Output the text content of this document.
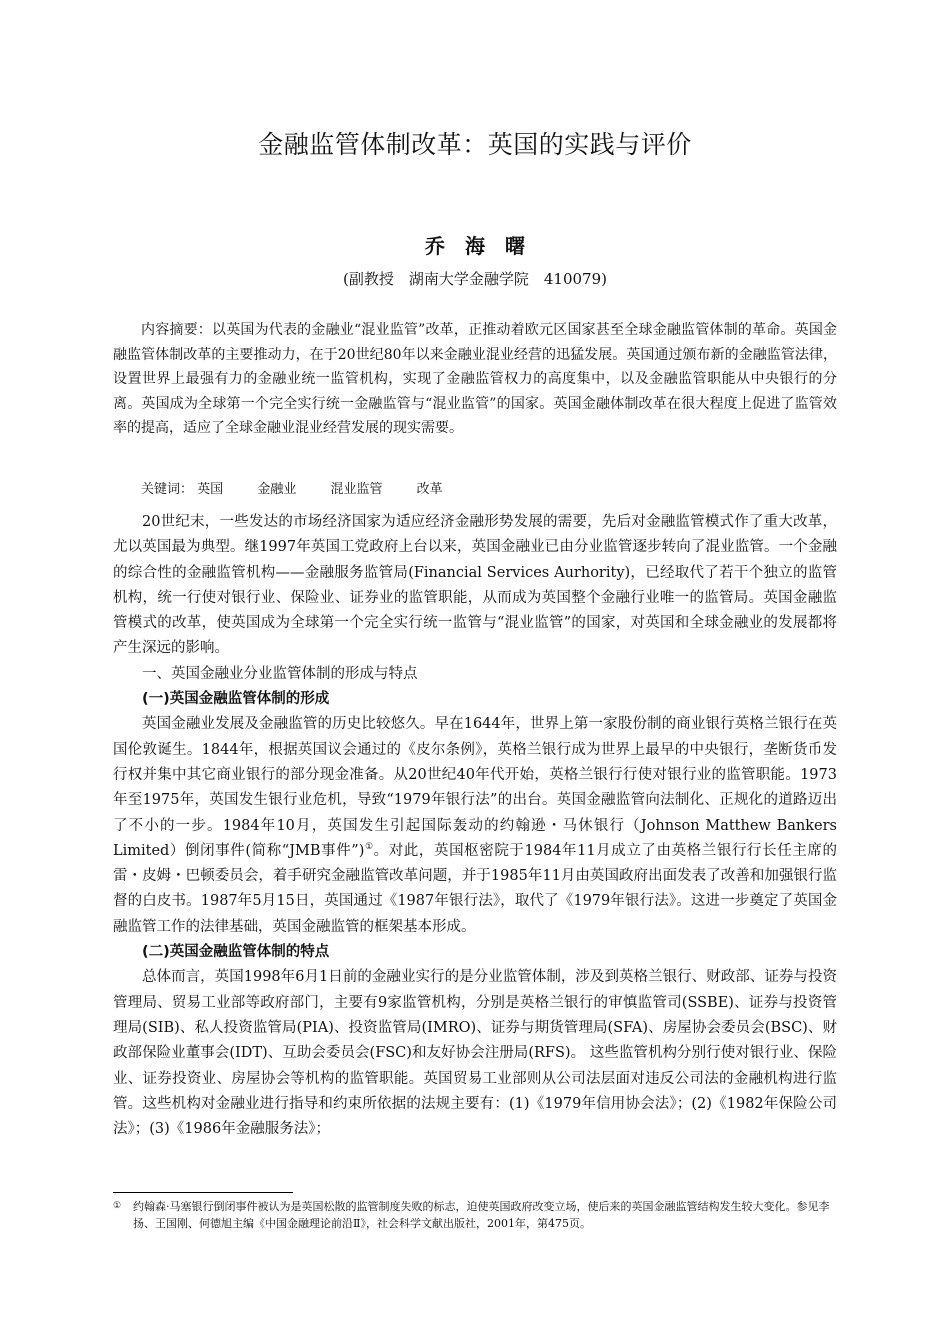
金融监管体制改革：英国的实践与评价
乔海曙
(副教授　湖南大学金融学院　410079)
内容摘要：以英国为代表的金融业“混业监管”改革，正推动着欧元区国家甚至全球金融监管体制的革命。英国金融监管体制改革的主要推动力，在于20世纪80年以来金融业混业经营的迅猛发展。英国通过颁布新的金融监管法律，设置世界上最强有力的金融业统一监管机构，实现了金融监管权力的高度集中，以及金融监管职能从中央银行的分离。英国成为全球第一个完全实行统一金融监管与“混业监管”的国家。英国金融体制改革在很大程度上促进了监管效率的提高，适应了全球金融业混业经营发展的现实需要。
关键词： 英国	金融业	混业监管	改革

20世纪末，一些发达的市场经济国家为适应经济金融形势发展的需要，先后对金融监管模式作了重大改革，尤以英国最为典型。继1997年英国工党政府上台以来，英国金融业已由分业监管逐步转向了混业监管。一个金融的综合性的金融监管机构——金融服务监管局(Financial Services Aurhority)，已经取代了若干个独立的监管机构，统一行使对银行业、保险业、证券业的监管职能，从而成为英国整个金融行业唯一的监管局。英国金融监管模式的改革，使英国成为全球第一个完全实行统一监管与“混业监管”的国家，对英国和全球金融业的发展都将产生深远的影响。

一、英国金融业分业监管体制的形成与特点

(一)英国金融监管体制的形成

英国金融业发展及金融监管的历史比较悠久。早在1644年，世界上第一家股份制的商业银行英格兰银行在英国伦敦诞生。1844年，根据英国议会通过的《皮尔条例》，英格兰银行成为世界上最早的中央银行，垄断货币发行权并集中其它商业银行的部分现金准备。从20世纪40年代开始，英格兰银行行使对银行业的监管职能。1973年至1975年，英国发生银行业危机，导致“1979年银行法”的出台。英国金融监管向法制化、正规化的道路迈出了不小的一步。1984年10月，英国发生引起国际轰动的约翰逊・马休银行（Johnson Matthew Bankers Limited）倒闭事件(简称“JMB事件”)①。对此，英国枢密院于1984年11月成立了由英格兰银行行长任主席的雷・皮姆・巴顿委员会，着手研究金融监管改革问题，并于1985年11月由英国政府出面发表了改善和加强银行监督的白皮书。1987年5月15日，英国通过《1987年银行法》，取代了《1979年银行法》。这进一步奠定了英国金融监管工作的法律基础，英国金融监管的框架基本形成。

(二)英国金融监管体制的特点

总体而言，英国1998年6月1日前的金融业实行的是分业监管体制，涉及到英格兰银行、财政部、证券与投资管理局、贸易工业部等政府部门，主要有9家监管机构，分别是英格兰银行的审慎监管司(SSBE)、证券与投资管理局(SIB)、私人投资监管局(PIA)、投资监管局(IMRO)、证券与期货管理局(SFA)、房屋协会委员会(BSC)、财政部保险业董事会(IDT)、互助会委员会(FSC)和友好协会注册局(RFS)。 这些监管机构分别行使对银行业、保险业、证券投资业、房屋协会等机构的监管职能。英国贸易工业部则从公司法层面对违反公司法的金融机构进行监管。这些机构对金融业进行指导和约束所依据的法规主要有：(1)《1979年信用协会法》；(2)《1982年保险公司法》；(3)《1986年金融服务法》；

① 约翰森·马塞银行倒闭事件被认为是英国松散的监管制度失败的标志，迫使英国政府改变立场，使后来的英国金融监管结构发生较大变化。参见李扬、王国刚、何德旭主编《中国金融理论前沿Ⅱ》，社会科学文献出版社，2001年，第475页。
